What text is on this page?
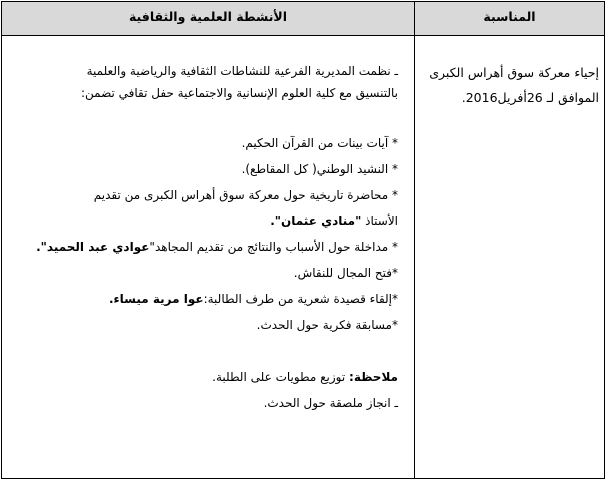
الأنشطة العلمية والثقافية	المناسبة
إحياء معركة سوق أهراس الكبرى
الموافق لـ 26أفريل2016.
ـ نظمت المديرية الفرعية للنشاطات الثقافية والرياضية والعلمية
بالتنسيق مع كلية العلوم الإنسانية والاجتماعية حفل تقافي تضمن:
* آيات بينات من القرآن الحكيم.
* النشيد الوطني( كل المقاطع).
* محاضرة تاريخية حول معركة سوق أهراس الكبرى من تقديم
الأستاذ "منادي عثمان".
* مداخلة حول الأسباب والنتائج من تقديم المجاهد"عوادي عبد الحميد".
*فتح المجال للنقاش.
*إلقاء قصيدة شعرية من طرف الطالبة:عوا مرية ميساء.
*مسابقة فكرية حول الحدث.
ملاحظة: توزيع مطويات على الطلبة.
ـ انجاز ملصقة حول الحدث.
